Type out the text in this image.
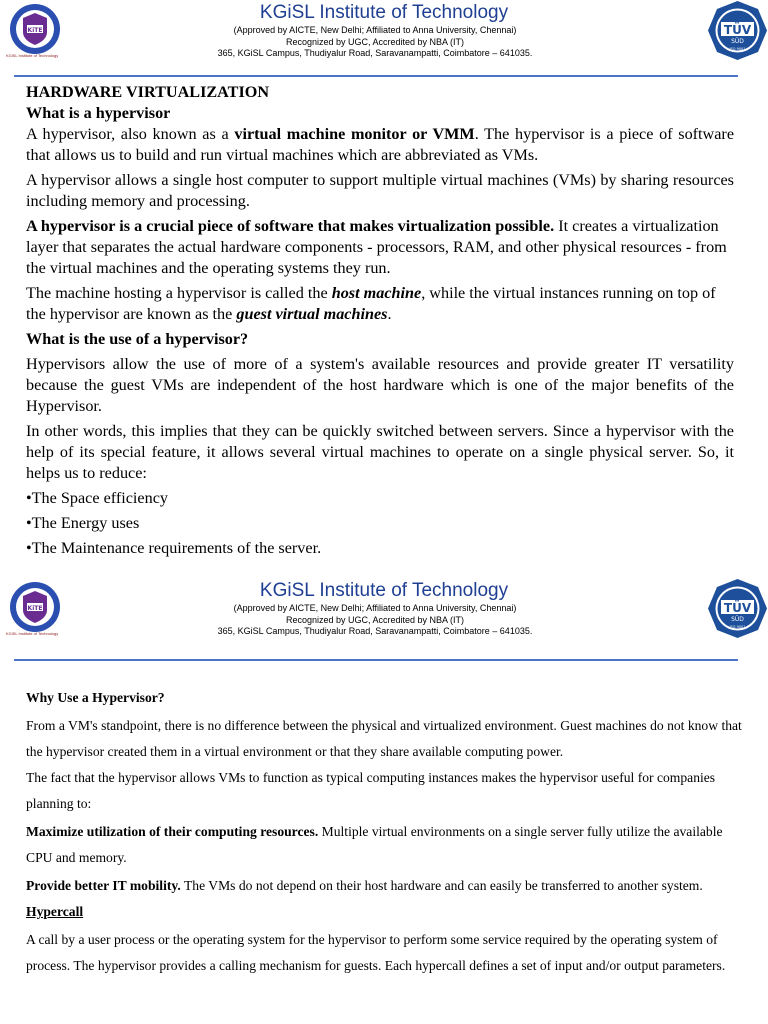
KiTE
KGiSL Institute of Technology
KGiSL Institute of Technology
(Approved by AICTE, New Delhi; Affiliated to Anna University, Chennai)
Recognized by UGC, Accredited by NBA (IT)
365, KGiSL Campus, Thudiyalur Road, Saravanampatti, Coimbatore – 641035.
TÜV
SÜD
ISO 9001

HARDWARE VIRTUALIZATION

What is a hypervisor

A hypervisor, also known as a virtual machine monitor or VMM. The hypervisor is a piece of software that allows us to build and run virtual machines which are abbreviated as VMs.

A hypervisor allows a single host computer to support multiple virtual machines (VMs) by sharing resources including memory and processing.

A hypervisor is a crucial piece of software that makes virtualization possible. It creates a virtualization layer that separates the actual hardware components - processors, RAM, and other physical resources - from the virtual machines and the operating systems they run.

The machine hosting a hypervisor is called the host machine, while the virtual instances running on top of the hypervisor are known as the guest virtual machines.

What is the use of a hypervisor?

Hypervisors allow the use of more of a system's available resources and provide greater IT versatility because the guest VMs are independent of the host hardware which is one of the major benefits of the Hypervisor.

In other words, this implies that they can be quickly switched between servers. Since a hypervisor with the help of its special feature, it allows several virtual machines to operate on a single physical server. So, it helps us to reduce:

•The Space efficiency

•The Energy uses

•The Maintenance requirements of the server.

KiTE
KGiSL Institute of Technology
KGiSL Institute of Technology
(Approved by AICTE, New Delhi; Affiliated to Anna University, Chennai)
Recognized by UGC, Accredited by NBA (IT)
365, KGiSL Campus, Thudiyalur Road, Saravanampatti, Coimbatore – 641035.
TÜV
SÜD
ISO 9001

Why Use a Hypervisor?

From a VM's standpoint, there is no difference between the physical and virtualized environment. Guest machines do not know that the hypervisor created them in a virtual environment or that they share available computing power.

The fact that the hypervisor allows VMs to function as typical computing instances makes the hypervisor useful for companies planning to:

Maximize utilization of their computing resources. Multiple virtual environments on a single server fully utilize the available CPU and memory.

Provide better IT mobility. The VMs do not depend on their host hardware and can easily be transferred to another system.

Hypercall

A call by a user process or the operating system for the hypervisor to perform some service required by the operating system of process. The hypervisor provides a calling mechanism for guests. Each hypercall defines a set of input and/or output parameters.
